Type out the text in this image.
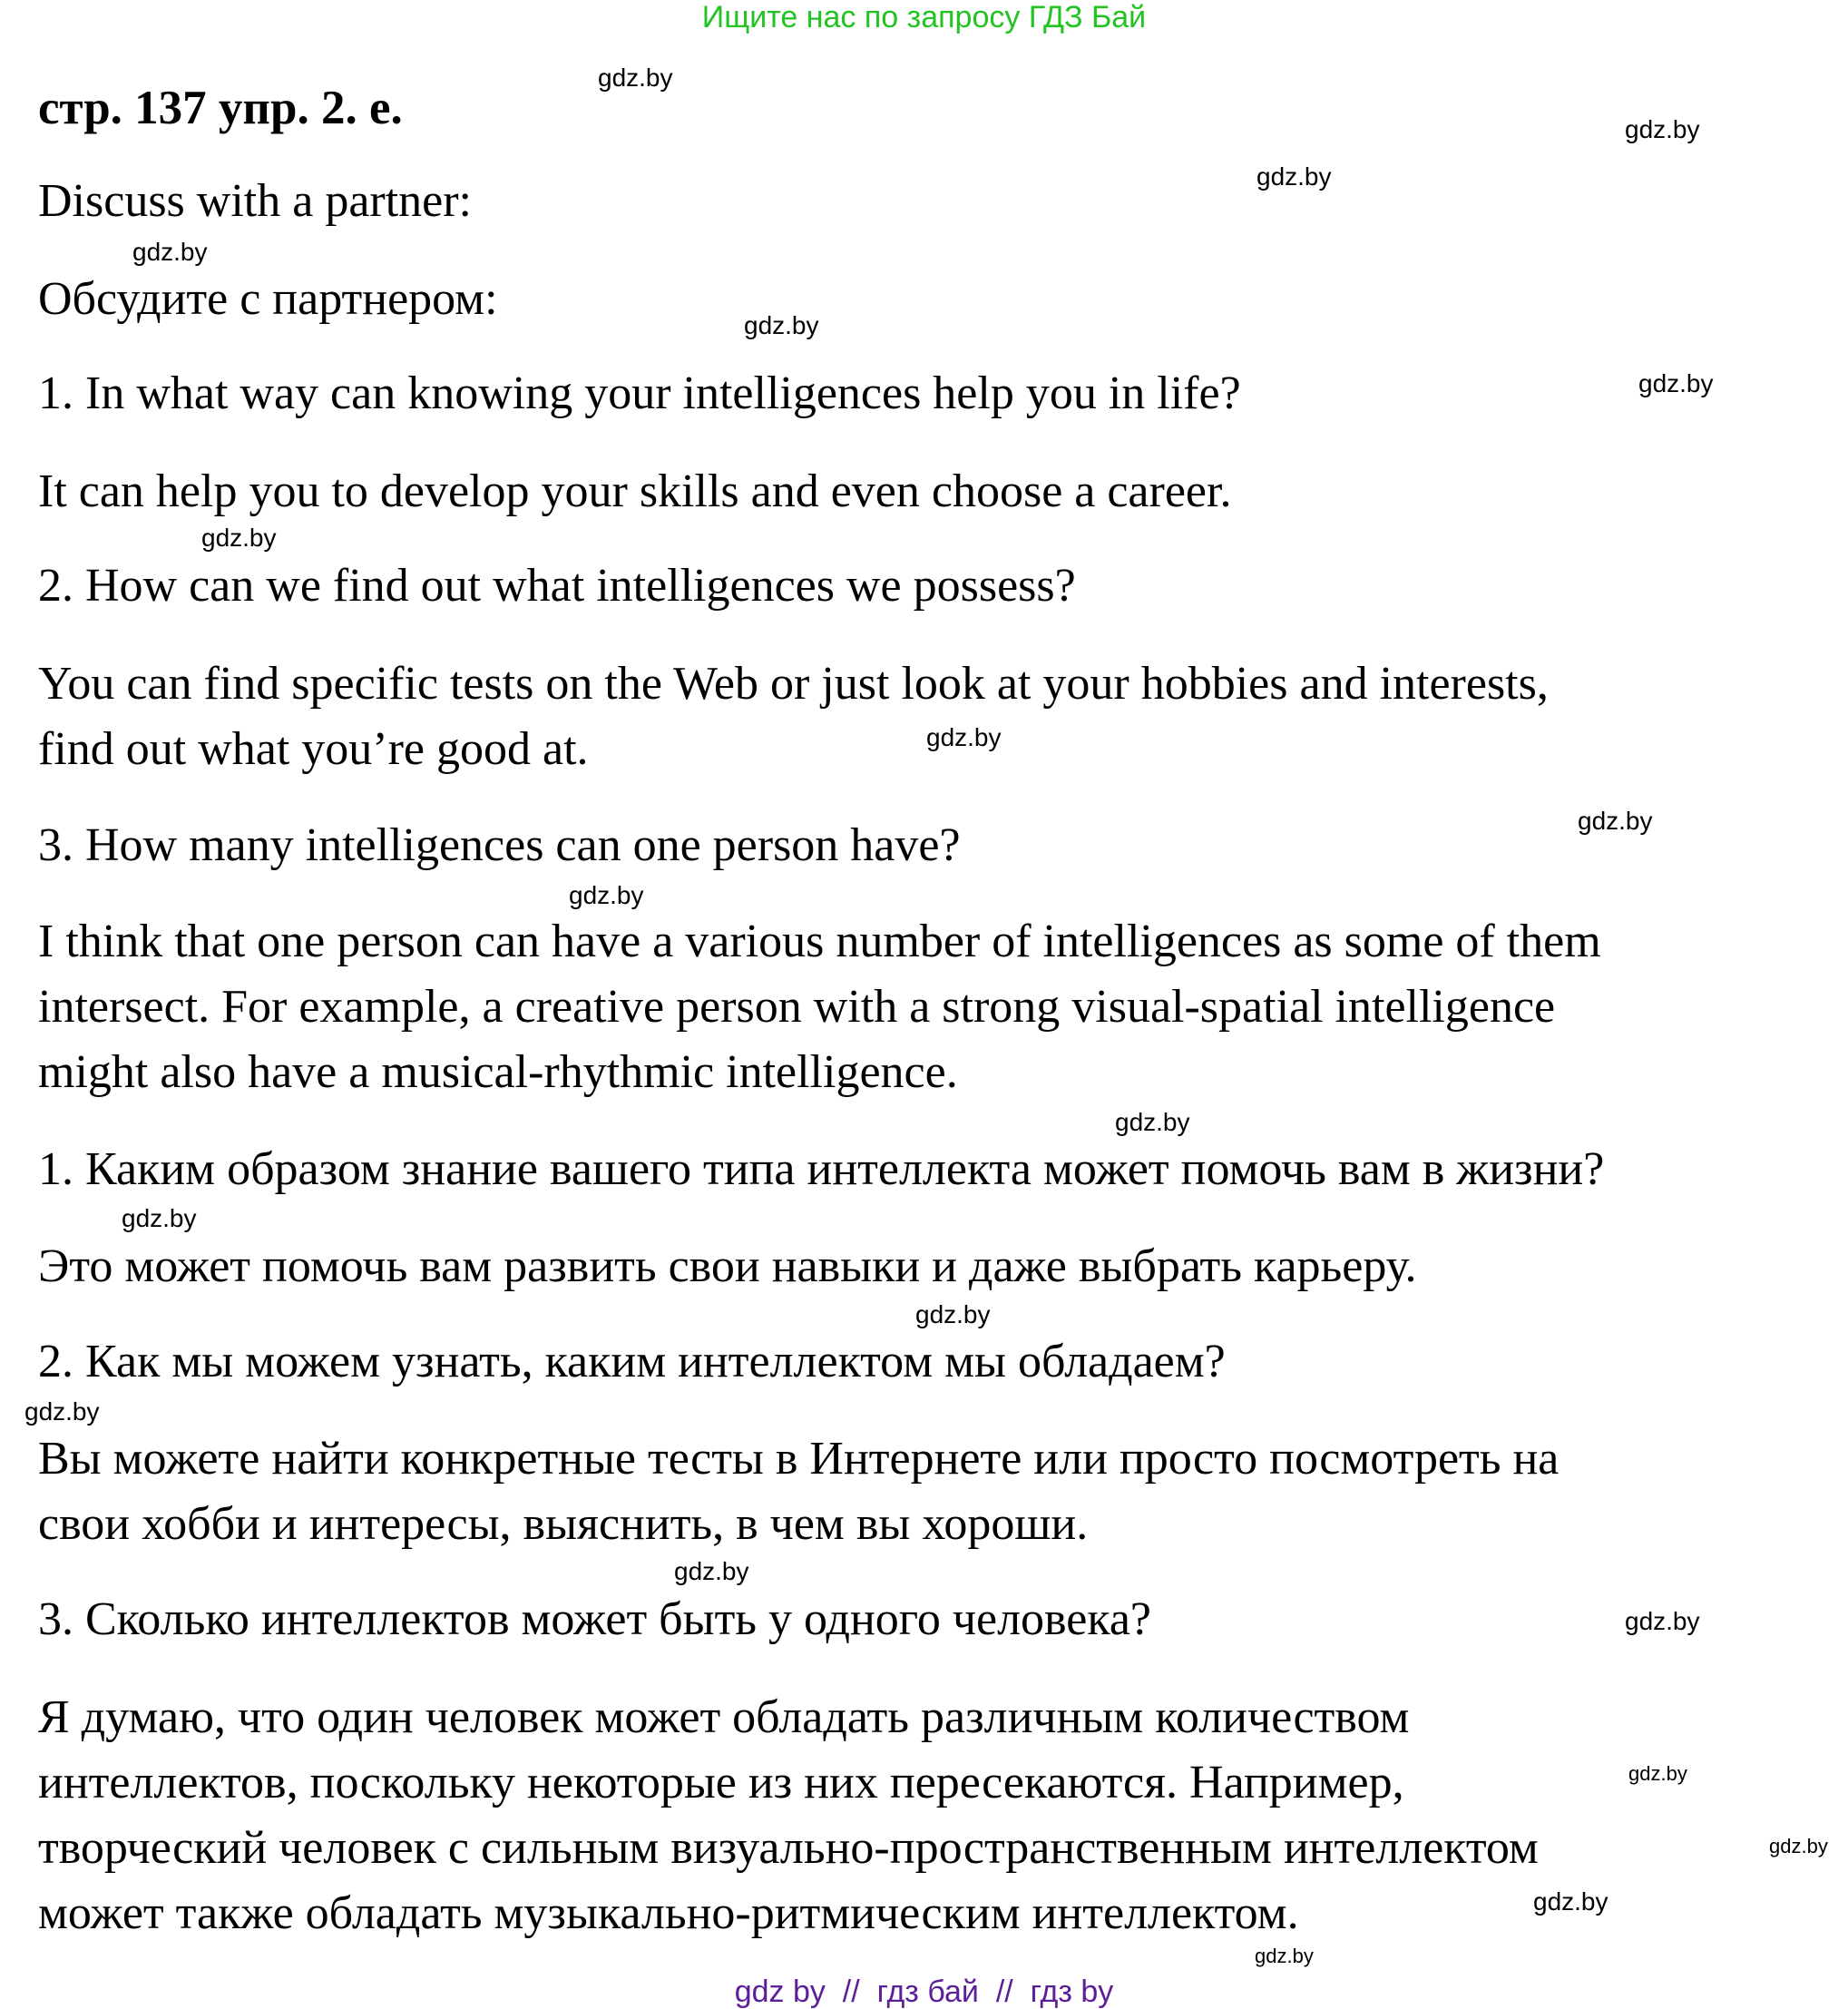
Ищите нас по запросу ГДЗ Бай
стр. 137 упр. 2. е.
Discuss with a partner:
Обсудите с партнером:
1. In what way can knowing your intelligences help you in life?
It can help you to develop your skills and even choose a career.
2. How can we find out what intelligences we possess?
You can find specific tests on the Web or just look at your hobbies and interests,
find out what you’re good at.
3. How many intelligences can one person have?
I think that one person can have a various number of intelligences as some of them
intersect. For example, a creative person with a strong visual-spatial intelligence
might also have a musical-rhythmic intelligence.
1. Каким образом знание вашего типа интеллекта может помочь вам в жизни?
Это может помочь вам развить свои навыки и даже выбрать карьеру.
2. Как мы можем узнать, каким интеллектом мы обладаем?
Вы можете найти конкретные тесты в Интернете или просто посмотреть на
свои хобби и интересы, выяснить, в чем вы хороши.
3. Сколько интеллектов может быть у одного человека?
Я думаю, что один человек может обладать различным количеством
интеллектов, поскольку некоторые из них пересекаются. Например,
творческий человек с сильным визуально-пространственным интеллектом
может также обладать музыкально-ритмическим интеллектом.
gdz.by
gdz.by
gdz.by
gdz.by
gdz.by
gdz.by
gdz.by
gdz.by
gdz.by
gdz.by
gdz.by
gdz.by
gdz.by
gdz.by
gdz.by
gdz.by
gdz.by
gdz.by
gdz.by
gdz.by
gdz by  //  гдз бай  //  гдз by
